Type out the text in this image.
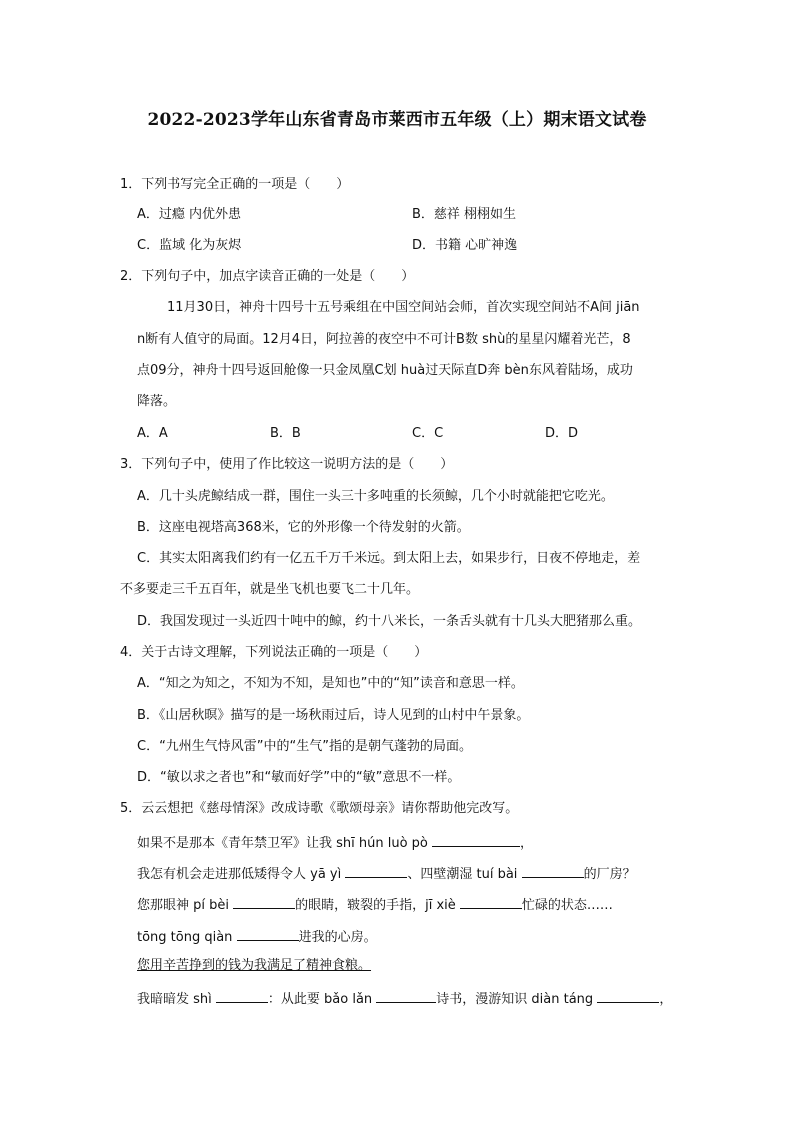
2022-2023学年山东省青岛市莱西市五年级（上）期末语文试卷
1．下列书写完全正确的一项是（　　）
A．过瘾 内优外患	B．慈祥 栩栩如生
C．监域 化为灰烬	D．书籍 心旷神逸
2．下列句子中，加点字读音正确的一处是（　　）
11月30日，神舟十四号十五号乘组在中国空间站会师，首次实现空间站不A间 jiān
n断有人值守的局面。12月4日，阿拉善的夜空中不可计B数 shù的星星闪耀着光芒，8
点09分，神舟十四号返回舱像一只金凤凰C划 huà过天际直D奔 bèn东风着陆场，成功
降落。
A．A	B．B	C．C	D．D
3．下列句子中，使用了作比较这一说明方法的是（　　）
A．几十头虎鲸结成一群，围住一头三十多吨重的长须鲸，几个小时就能把它吃光。
B．这座电视塔高368米，它的外形像一个待发射的火箭。
C．其实太阳离我们约有一亿五千万千米远。到太阳上去，如果步行，日夜不停地走，差
不多要走三千五百年，就是坐飞机也要飞二十几年。
D．我国发现过一头近四十吨中的鲸，约十八米长，一条舌头就有十几头大肥猪那么重。
4．关于古诗文理解，下列说法正确的一项是（　　）
A．“知之为知之，不知为不知，是知也”中的“知”读音和意思一样。
B．《山居秋暝》描写的是一场秋雨过后，诗人见到的山村中午景象。
C．“九州生气恃风雷”中的“生气”指的是朝气蓬勃的局面。
D．“敏以求之者也”和“敏而好学”中的“敏”意思不一样。
5．云云想把《慈母情深》改成诗歌《歌颂母亲》请你帮助他完改写。
如果不是那本《青年禁卫军》让我 shī hún luò pò	，
我怎有机会走进那低矮得令人 yā yì	、四壁潮湿 tuí bài	的厂房？
您那眼神 pí bèi	的眼睛，皲裂的手指，jī xiè	忙碌的状态……
tōng tōng qiàn	进我的心房。
您用辛苦挣到的钱为我满足了精神食粮。
我暗暗发 shì	：从此要 bǎo lǎn	诗书，漫游知识 diàn táng	，
